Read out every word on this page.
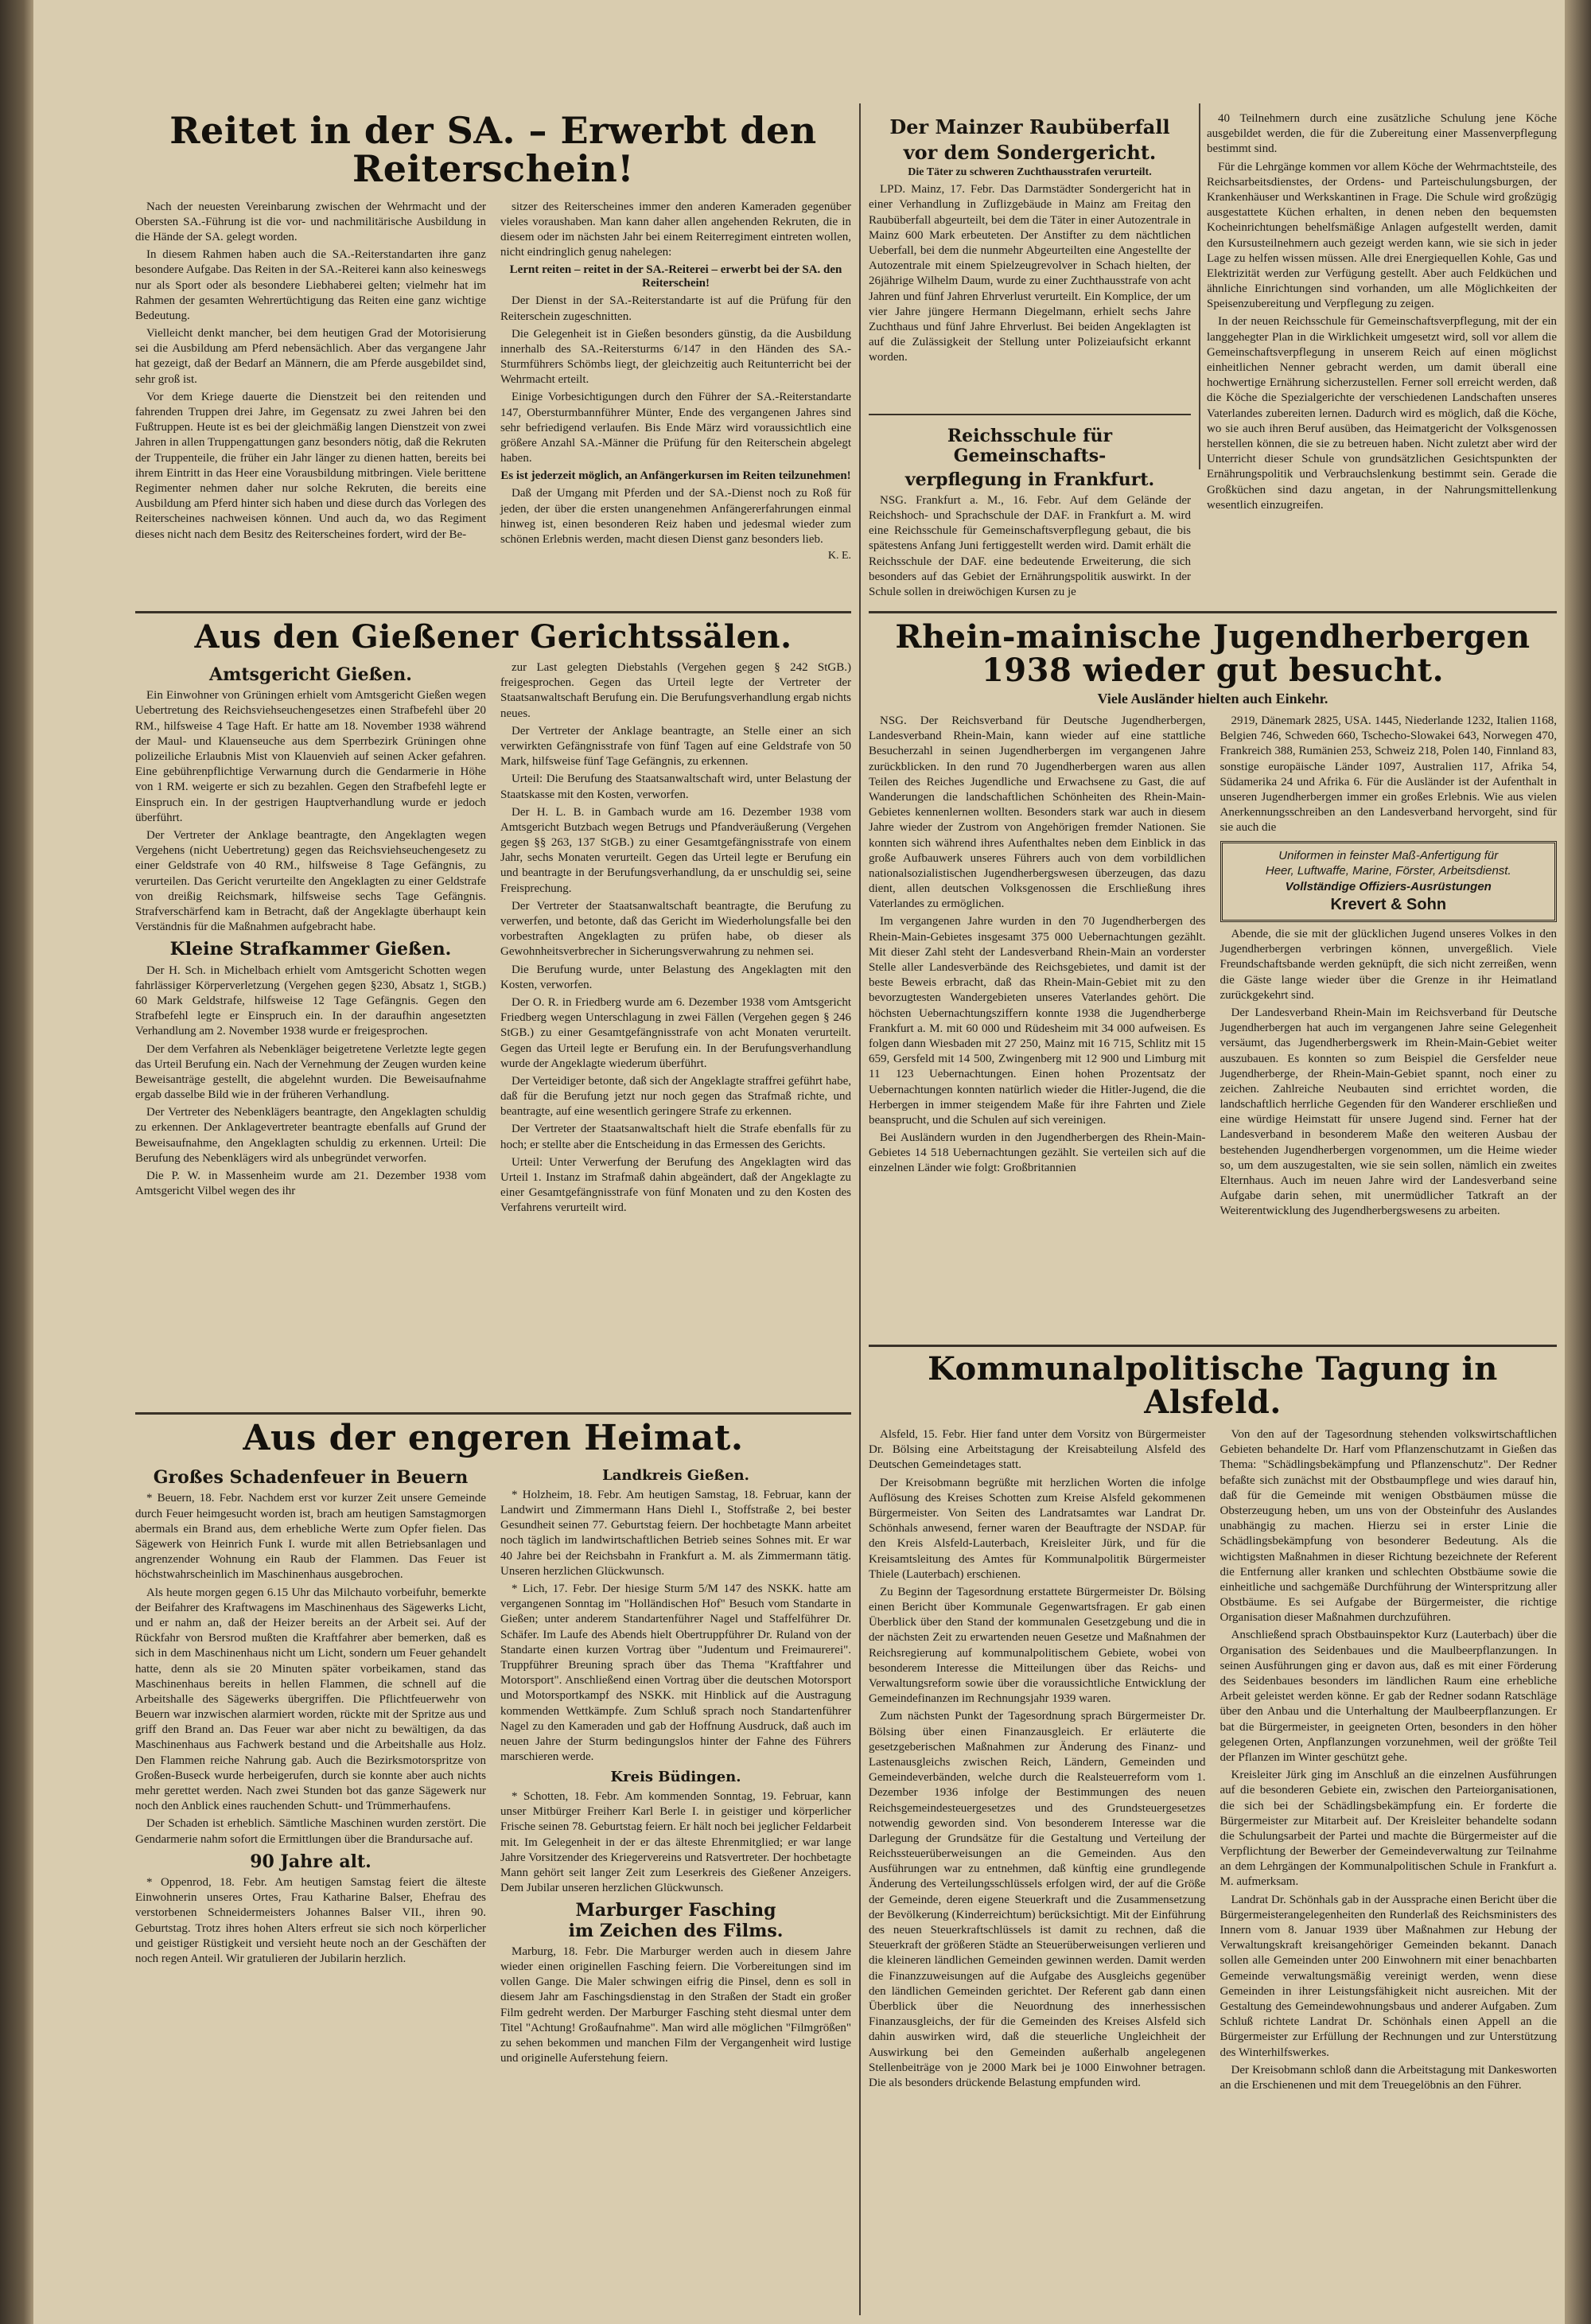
Reitet in der SA. – Erwerbt den Reiterschein!

Nach der neuesten Vereinbarung zwischen der Wehrmacht und der Obersten SA.-Führung ist die vor- und nachmilitärische Ausbildung in die Hände der SA. gelegt worden.

In diesem Rahmen haben auch die SA.-Reiterstandarten ihre ganz besondere Aufgabe. Das Reiten in der SA.-Reiterei kann also keineswegs nur als Sport oder als besondere Liebhaberei gelten; vielmehr hat im Rahmen der gesamten Wehrertüchtigung das Reiten eine ganz wichtige Bedeutung.

Vielleicht denkt mancher, bei dem heutigen Grad der Motorisierung sei die Ausbildung am Pferd nebensächlich. Aber das vergangene Jahr hat gezeigt, daß der Bedarf an Männern, die am Pferde ausgebildet sind, sehr groß ist.

Vor dem Kriege dauerte die Dienstzeit bei den reitenden und fahrenden Truppen drei Jahre, im Gegensatz zu zwei Jahren bei den Fußtruppen. Heute ist es bei der gleichmäßig langen Dienstzeit von zwei Jahren in allen Truppengattungen ganz besonders nötig, daß die Rekruten der Truppenteile, die früher ein Jahr länger zu dienen hatten, bereits bei ihrem Eintritt in das Heer eine Vorausbildung mitbringen. Viele berittene Regimenter nehmen daher nur solche Rekruten, die bereits eine Ausbildung am Pferd hinter sich haben und diese durch das Vorlegen des Reiterscheines nachweisen können. Und auch da, wo das Regiment dieses nicht nach dem Besitz des Reiterscheines fordert, wird der Be-

sitzer des Reiterscheines immer den anderen Kameraden gegenüber vieles voraushaben. Man kann daher allen angehenden Rekruten, die in diesem oder im nächsten Jahr bei einem Reiterregiment eintreten wollen, nicht eindringlich genug nahelegen:

Lernt reiten – reitet in der SA.-Reiterei – erwerbt bei der SA. den Reiterschein!

Der Dienst in der SA.-Reiterstandarte ist auf die Prüfung für den Reiterschein zugeschnitten.

Die Gelegenheit ist in Gießen besonders günstig, da die Ausbildung innerhalb des SA.-Reitersturms 6/147 in den Händen des SA.-Sturmführers Schömbs liegt, der gleichzeitig auch Reitunterricht bei der Wehrmacht erteilt.

Einige Vorbesichtigungen durch den Führer der SA.-Reiterstandarte 147, Obersturmbannführer Münter, Ende des vergangenen Jahres sind sehr befriedigend verlaufen. Bis Ende März wird voraussichtlich eine größere Anzahl SA.-Männer die Prüfung für den Reiterschein abgelegt haben.

Es ist jederzeit möglich, an Anfängerkursen im Reiten teilzunehmen!

Daß der Umgang mit Pferden und der SA.-Dienst noch zu Roß für jeden, der über die ersten unangenehmen Anfängererfahrungen einmal hinweg ist, einen besonderen Reiz haben und jedesmal wieder zum schönen Erlebnis werden, macht diesen Dienst ganz besonders lieb.

K. E.

Der Mainzer Raubüberfall
vor dem Sondergericht.

Die Täter zu schweren Zuchthausstrafen verurteilt.

LPD. Mainz, 17. Febr. Das Darmstädter Sondergericht hat in einer Verhandlung in Zuflizgebäude in Mainz am Freitag den Raubüberfall abgeurteilt, bei dem die Täter in einer Autozentrale in Mainz 600 Mark erbeuteten. Der Anstifter zu dem nächtlichen Ueberfall, bei dem die nunmehr Abgeurteilten eine Angestellte der Autozentrale mit einem Spielzeugrevolver in Schach hielten, der 26jährige Wilhelm Daum, wurde zu einer Zuchthausstrafe von acht Jahren und fünf Jahren Ehrverlust verurteilt. Ein Komplice, der um vier Jahre jüngere Hermann Diegelmann, erhielt sechs Jahre Zuchthaus und fünf Jahre Ehrverlust. Bei beiden Angeklagten ist auf die Zulässigkeit der Stellung unter Polizeiaufsicht erkannt worden.

Reichsschule für Gemeinschafts-
verpflegung in Frankfurt.

NSG. Frankfurt a. M., 16. Febr. Auf dem Gelände der Reichshoch- und Sprachschule der DAF. in Frankfurt a. M. wird eine Reichsschule für Gemeinschaftsverpflegung gebaut, die bis spätestens Anfang Juni fertiggestellt werden wird. Damit erhält die Reichsschule der DAF. eine bedeutende Erweiterung, die sich besonders auf das Gebiet der Ernährungspolitik auswirkt. In der Schule sollen in dreiwöchigen Kursen zu je

40 Teilnehmern durch eine zusätzliche Schulung jene Köche ausgebildet werden, die für die Zubereitung einer Massenverpflegung bestimmt sind.

Für die Lehrgänge kommen vor allem Köche der Wehrmachtsteile, des Reichsarbeitsdienstes, der Ordens- und Parteischulungsburgen, der Krankenhäuser und Werkskantinen in Frage. Die Schule wird großzügig ausgestattete Küchen erhalten, in denen neben den bequemsten Kocheinrichtungen behelfsmäßige Anlagen aufgestellt werden, damit den Kursusteilnehmern auch gezeigt werden kann, wie sie sich in jeder Lage zu helfen wissen müssen. Alle drei Energiequellen Kohle, Gas und Elektrizität werden zur Verfügung gestellt. Aber auch Feldküchen und ähnliche Einrichtungen sind vorhanden, um alle Möglichkeiten der Speisenzubereitung und Verpflegung zu zeigen.

In der neuen Reichsschule für Gemeinschaftsverpflegung, mit der ein langgehegter Plan in die Wirklichkeit umgesetzt wird, soll vor allem die Gemeinschaftsverpflegung in unserem Reich auf einen möglichst einheitlichen Nenner gebracht werden, um damit überall eine hochwertige Ernährung sicherzustellen. Ferner soll erreicht werden, daß die Köche die Spezialgerichte der verschiedenen Landschaften unseres Vaterlandes zubereiten lernen. Dadurch wird es möglich, daß die Köche, wo sie auch ihren Beruf ausüben, das Heimatgericht der Volksgenossen herstellen können, die sie zu betreuen haben. Nicht zuletzt aber wird der Unterricht dieser Schule von grundsätzlichen Gesichtspunkten der Ernährungspolitik und Verbrauchslenkung bestimmt sein. Gerade die Großküchen sind dazu angetan, in der Nahrungsmittellenkung wesentlich einzugreifen.

Aus den Gießener Gerichtssälen.
Amtsgericht Gießen.

Ein Einwohner von Grüningen erhielt vom Amtsgericht Gießen wegen Uebertretung des Reichsviehseuchengesetzes einen Strafbefehl über 20 RM., hilfsweise 4 Tage Haft. Er hatte am 18. November 1938 während der Maul- und Klauenseuche aus dem Sperrbezirk Grüningen ohne polizeiliche Erlaubnis Mist von Klauenvieh auf seinen Acker gefahren. Eine gebührenpflichtige Verwarnung durch die Gendarmerie in Höhe von 1 RM. weigerte er sich zu bezahlen. Gegen den Strafbefehl legte er Einspruch ein. In der gestrigen Hauptverhandlung wurde er jedoch überführt.

Der Vertreter der Anklage beantragte, den Angeklagten wegen Vergehens (nicht Uebertretung) gegen das Reichsviehseuchengesetz zu einer Geldstrafe von 40 RM., hilfsweise 8 Tage Gefängnis, zu verurteilen. Das Gericht verurteilte den Angeklagten zu einer Geldstrafe von dreißig Reichsmark, hilfsweise sechs Tage Gefängnis. Strafverschärfend kam in Betracht, daß der Angeklagte überhaupt kein Verständnis für die Maßnahmen aufgebracht habe.

Kleine Strafkammer Gießen.

Der H. Sch. in Michelbach erhielt vom Amtsgericht Schotten wegen fahrlässiger Körperverletzung (Vergehen gegen §230, Absatz 1, StGB.) 60 Mark Geldstrafe, hilfsweise 12 Tage Gefängnis. Gegen den Strafbefehl legte er Einspruch ein. In der daraufhin angesetzten Verhandlung am 2. November 1938 wurde er freigesprochen.

Der dem Verfahren als Nebenkläger beigetretene Verletzte legte gegen das Urteil Berufung ein. Nach der Vernehmung der Zeugen wurden keine Beweisanträge gestellt, die abgelehnt wurden. Die Beweisaufnahme ergab dasselbe Bild wie in der früheren Verhandlung.

Der Vertreter des Nebenklägers beantragte, den Angeklagten schuldig zu erkennen. Der Anklagevertreter beantragte ebenfalls auf Grund der Beweisaufnahme, den Angeklagten schuldig zu erkennen. Urteil: Die Berufung des Nebenklägers wird als unbegründet verworfen.

Die P. W. in Massenheim wurde am 21. Dezember 1938 vom Amtsgericht Vilbel wegen des ihr

zur Last gelegten Diebstahls (Vergehen gegen § 242 StGB.) freigesprochen. Gegen das Urteil legte der Vertreter der Staatsanwaltschaft Berufung ein. Die Berufungsverhandlung ergab nichts neues.

Der Vertreter der Anklage beantragte, an Stelle einer an sich verwirkten Gefängnisstrafe von fünf Tagen auf eine Geldstrafe von 50 Mark, hilfsweise fünf Tage Gefängnis, zu erkennen.

Urteil: Die Berufung des Staatsanwaltschaft wird, unter Belastung der Staatskasse mit den Kosten, verworfen.

Der H. L. B. in Gambach wurde am 16. Dezember 1938 vom Amtsgericht Butzbach wegen Betrugs und Pfandveräußerung (Vergehen gegen §§ 263, 137 StGB.) zu einer Gesamtgefängnisstrafe von einem Jahr, sechs Monaten verurteilt. Gegen das Urteil legte er Berufung ein und beantragte in der Berufungsverhandlung, da er unschuldig sei, seine Freisprechung.

Der Vertreter der Staatsanwaltschaft beantragte, die Berufung zu verwerfen, und betonte, daß das Gericht im Wiederholungsfalle bei den vorbestraften Angeklagten zu prüfen habe, ob dieser als Gewohnheitsverbrecher in Sicherungsverwahrung zu nehmen sei.

Die Berufung wurde, unter Belastung des Angeklagten mit den Kosten, verworfen.

Der O. R. in Friedberg wurde am 6. Dezember 1938 vom Amtsgericht Friedberg wegen Unterschlagung in zwei Fällen (Vergehen gegen § 246 StGB.) zu einer Gesamtgefängnisstrafe von acht Monaten verurteilt. Gegen das Urteil legte er Berufung ein. In der Berufungsverhandlung wurde der Angeklagte wiederum überführt.

Der Verteidiger betonte, daß sich der Angeklagte straffrei geführt habe, daß für die Berufung jetzt nur noch gegen das Strafmaß richte, und beantragte, auf eine wesentlich geringere Strafe zu erkennen.

Der Vertreter der Staatsanwaltschaft hielt die Strafe ebenfalls für zu hoch; er stellte aber die Entscheidung in das Ermessen des Gerichts.

Urteil: Unter Verwerfung der Berufung des Angeklagten wird das Urteil 1. Instanz im Strafmaß dahin abgeändert, daß der Angeklagte zu einer Gesamtgefängnisstrafe von fünf Monaten und zu den Kosten des Verfahrens verurteilt wird.

Rhein-mainische Jugendherbergen
1938 wieder gut besucht.

Viele Ausländer hielten auch Einkehr.

NSG. Der Reichsverband für Deutsche Jugendherbergen, Landesverband Rhein-Main, kann wieder auf eine stattliche Besucherzahl in seinen Jugendherbergen im vergangenen Jahre zurückblicken. In den rund 70 Jugendherbergen waren aus allen Teilen des Reiches Jugendliche und Erwachsene zu Gast, die auf Wanderungen die landschaftlichen Schönheiten des Rhein-Main-Gebietes kennenlernen wollten. Besonders stark war auch in diesem Jahre wieder der Zustrom von Angehörigen fremder Nationen. Sie konnten sich während ihres Aufenthaltes neben dem Einblick in das große Aufbauwerk unseres Führers auch von dem vorbildlichen nationalsozialistischen Jugendherbergswesen überzeugen, das dazu dient, allen deutschen Volksgenossen die Erschließung ihres Vaterlandes zu ermöglichen.

Im vergangenen Jahre wurden in den 70 Jugendherbergen des Rhein-Main-Gebietes insgesamt 375 000 Uebernachtungen gezählt. Mit dieser Zahl steht der Landesverband Rhein-Main an vorderster Stelle aller Landesverbände des Reichsgebietes, und damit ist der beste Beweis erbracht, daß das Rhein-Main-Gebiet mit zu den bevorzugtesten Wandergebieten unseres Vaterlandes gehört. Die höchsten Uebernachtungsziffern konnte 1938 die Jugendherberge Frankfurt a. M. mit 60 000 und Rüdesheim mit 34 000 aufweisen. Es folgen dann Wiesbaden mit 27 250, Mainz mit 16 715, Schlitz mit 15 659, Gersfeld mit 14 500, Zwingenberg mit 12 900 und Limburg mit 11 123 Uebernachtungen. Einen hohen Prozentsatz der Uebernachtungen konnten natürlich wieder die Hitler-Jugend, die die Herbergen in immer steigendem Maße für ihre Fahrten und Ziele beansprucht, und die Schulen auf sich vereinigen.

Bei Ausländern wurden in den Jugendherbergen des Rhein-Main-Gebietes 14 518 Uebernachtungen gezählt. Sie verteilen sich auf die einzelnen Länder wie folgt: Großbritannien

2919, Dänemark 2825, USA. 1445, Niederlande 1232, Italien 1168, Belgien 746, Schweden 660, Tschecho-Slowakei 643, Norwegen 470, Frankreich 388, Rumänien 253, Schweiz 218, Polen 140, Finnland 83, sonstige europäische Länder 1097, Australien 117, Afrika 54, Südamerika 24 und Afrika 6. Für die Ausländer ist der Aufenthalt in unseren Jugendherbergen immer ein großes Erlebnis. Wie aus vielen Anerkennungsschreiben an den Landesverband hervorgeht, sind für sie auch die

Uniformen in feinster Maß-Anfertigung für
Heer, Luftwaffe, Marine, Förster, Arbeitsdienst.
Vollständige Offiziers-Ausrüstungen
Krevert & Sohn

Abende, die sie mit der glücklichen Jugend unseres Volkes in den Jugendherbergen verbringen können, unvergeßlich. Viele Freundschaftsbande werden geknüpft, die sich nicht zerreißen, wenn die Gäste lange wieder über die Grenze in ihr Heimatland zurückgekehrt sind.

Der Landesverband Rhein-Main im Reichsverband für Deutsche Jugendherbergen hat auch im vergangenen Jahre seine Gelegenheit versäumt, das Jugendherbergswerk im Rhein-Main-Gebiet weiter auszubauen. Es konnten so zum Beispiel die Gersfelder neue Jugendherberge, der Rhein-Main-Gebiet spannt, noch einer zu zeichen. Zahlreiche Neubauten sind errichtet worden, die landschaftlich herrliche Gegenden für den Wanderer erschließen und eine würdige Heimstatt für unsere Jugend sind. Ferner hat der Landesverband in besonderem Maße den weiteren Ausbau der bestehenden Jugendherbergen vorgenommen, um die Heime wieder so, um dem auszugestalten, wie sie sein sollen, nämlich ein zweites Elternhaus. Auch im neuen Jahre wird der Landesverband seine Aufgabe darin sehen, mit unermüdlicher Tatkraft an der Weiterentwicklung des Jugendherbergswesens zu arbeiten.

Aus der engeren Heimat.
Großes Schadenfeuer in Beuern

* Beuern, 18. Febr. Nachdem erst vor kurzer Zeit unsere Gemeinde durch Feuer heimgesucht worden ist, brach am heutigen Samstagmorgen abermals ein Brand aus, dem erhebliche Werte zum Opfer fielen. Das Sägewerk von Heinrich Funk I. wurde mit allen Betriebsanlagen und angrenzender Wohnung ein Raub der Flammen. Das Feuer ist höchstwahrscheinlich im Maschinenhaus ausgebrochen.

Als heute morgen gegen 6.15 Uhr das Milchauto vorbeifuhr, bemerkte der Beifahrer des Kraftwagens im Maschinenhaus des Sägewerks Licht, und er nahm an, daß der Heizer bereits an der Arbeit sei. Auf der Rückfahr von Bersrod mußten die Kraftfahrer aber bemerken, daß es sich in dem Maschinenhaus nicht um Licht, sondern um Feuer gehandelt hatte, denn als sie 20 Minuten später vorbeikamen, stand das Maschinenhaus bereits in hellen Flammen, die schnell auf die Arbeitshalle des Sägewerks übergriffen. Die Pflichtfeuerwehr von Beuern war inzwischen alarmiert worden, rückte mit der Spritze aus und griff den Brand an. Das Feuer war aber nicht zu bewältigen, da das Maschinenhaus aus Fachwerk bestand und die Arbeitshalle aus Holz. Den Flammen reiche Nahrung gab. Auch die Bezirksmotorspritze von Großen-Buseck wurde herbeigerufen, durch sie konnte aber auch nichts mehr gerettet werden. Nach zwei Stunden bot das ganze Sägewerk nur noch den Anblick eines rauchenden Schutt- und Trümmerhaufens.

Der Schaden ist erheblich. Sämtliche Maschinen wurden zerstört. Die Gendarmerie nahm sofort die Ermittlungen über die Brandursache auf.

90 Jahre alt.

* Oppenrod, 18. Febr. Am heutigen Samstag feiert die älteste Einwohnerin unseres Ortes, Frau Katharine Balser, Ehefrau des verstorbenen Schneidermeisters Johannes Balser VII., ihren 90. Geburtstag. Trotz ihres hohen Alters erfreut sie sich noch körperlicher und geistiger Rüstigkeit und versieht heute noch an der Geschäften der noch regen Anteil. Wir gratulieren der Jubilarin herzlich.

Landkreis Gießen.

* Holzheim, 18. Febr. Am heutigen Samstag, 18. Februar, kann der Landwirt und Zimmermann Hans Diehl I., Stoffstraße 2, bei bester Gesundheit seinen 77. Geburtstag feiern. Der hochbetagte Mann arbeitet noch täglich im landwirtschaftlichen Betrieb seines Sohnes mit. Er war 40 Jahre bei der Reichsbahn in Frankfurt a. M. als Zimmermann tätig. Unseren herzlichen Glückwunsch.

* Lich, 17. Febr. Der hiesige Sturm 5/M 147 des NSKK. hatte am vergangenen Sonntag im "Holländischen Hof" Besuch vom Standarte in Gießen; unter anderem Standartenführer Nagel und Staffelführer Dr. Schäfer. Im Laufe des Abends hielt Obertruppführer Dr. Ruland von der Standarte einen kurzen Vortrag über "Judentum und Freimaurerei". Truppführer Breuning sprach über das Thema "Kraftfahrer und Motorsport". Anschließend einen Vortrag über die deutschen Motorsport und Motorsportkampf des NSKK. mit Hinblick auf die Austragung kommenden Wettkämpfe. Zum Schluß sprach noch Standartenführer Nagel zu den Kameraden und gab der Hoffnung Ausdruck, daß auch im neuen Jahre der Sturm bedingungslos hinter der Fahne des Führers marschieren werde.

Kreis Büdingen.

* Schotten, 18. Febr. Am kommenden Sonntag, 19. Februar, kann unser Mitbürger Freiherr Karl Berle I. in geistiger und körperlicher Frische seinen 78. Geburtstag feiern. Er hält noch bei jeglicher Feldarbeit mit. Im Gelegenheit in der er das älteste Ehrenmitglied; er war lange Jahre Vorsitzender des Kriegervereins und Ratsvertreter. Der hochbetagte Mann gehört seit langer Zeit zum Leserkreis des Gießener Anzeigers. Dem Jubilar unseren herzlichen Glückwunsch.

Marburger Fasching
im Zeichen des Films.

Marburg, 18. Febr. Die Marburger werden auch in diesem Jahre wieder einen originellen Fasching feiern. Die Vorbereitungen sind im vollen Gange. Die Maler schwingen eifrig die Pinsel, denn es soll in diesem Jahr am Faschingsdienstag in den Straßen der Stadt ein großer Film gedreht werden. Der Marburger Fasching steht diesmal unter dem Titel "Achtung! Großaufnahme". Man wird alle möglichen "Filmgrößen" zu sehen bekommen und manchen Film der Vergangenheit wird lustige und originelle Auferstehung feiern.

Kommunalpolitische Tagung in Alsfeld.

Alsfeld, 15. Febr. Hier fand unter dem Vorsitz von Bürgermeister Dr. Bölsing eine Arbeitstagung der Kreisabteilung Alsfeld des Deutschen Gemeindetages statt.

Der Kreisobmann begrüßte mit herzlichen Worten die infolge Auflösung des Kreises Schotten zum Kreise Alsfeld gekommenen Bürgermeister. Von Seiten des Landratsamtes war Landrat Dr. Schönhals anwesend, ferner waren der Beauftragte der NSDAP. für den Kreis Alsfeld-Lauterbach, Kreisleiter Jürk, und für die Kreisamtsleitung des Amtes für Kommunalpolitik Bürgermeister Thiele (Lauterbach) erschienen.

Zu Beginn der Tagesordnung erstattete Bürgermeister Dr. Bölsing einen Bericht über Kommunale Gegenwartsfragen. Er gab einen Überblick über den Stand der kommunalen Gesetzgebung und die in der nächsten Zeit zu erwartenden neuen Gesetze und Maßnahmen der Reichsregierung auf kommunalpolitischem Gebiete, wobei von besonderem Interesse die Mitteilungen über das Reichs- und Verwaltungsreform sowie über die voraussichtliche Entwicklung der Gemeindefinanzen im Rechnungsjahr 1939 waren.

Zum nächsten Punkt der Tagesordnung sprach Bürgermeister Dr. Bölsing über einen Finanzausgleich. Er erläuterte die gesetzgeberischen Maßnahmen zur Änderung des Finanz- und Lastenausgleichs zwischen Reich, Ländern, Gemeinden und Gemeindeverbänden, welche durch die Realsteuerreform vom 1. Dezember 1936 infolge der Bestimmungen des neuen Reichsgemeindesteuergesetzes und des Grundsteuergesetzes notwendig geworden sind. Von besonderem Interesse war die Darlegung der Grundsätze für die Gestaltung und Verteilung der Reichssteuerüberweisungen an die Gemeinden. Aus den Ausführungen war zu entnehmen, daß künftig eine grundlegende Änderung des Verteilungsschlüssels erfolgen wird, der auf die Größe der Gemeinde, deren eigene Steuerkraft und die Zusammensetzung der Bevölkerung (Kinderreichtum) berücksichtigt. Mit der Einführung des neuen Steuerkraftschlüssels ist damit zu rechnen, daß die Steuerkraft der größeren Städte an Steuerüberweisungen verlieren und die kleineren ländlichen Gemeinden gewinnen werden. Damit werden die Finanzzuweisungen auf die Aufgabe des Ausgleichs gegenüber den ländlichen Gemeinden gerichtet. Der Referent gab dann einen Überblick über die Neuordnung des innerhessischen Finanzausgleichs, der für die Gemeinden des Kreises Alsfeld sich dahin auswirken wird, daß die steuerliche Ungleichheit der Auswirkung bei den Gemeinden außerhalb angelegenen Stellenbeiträge von je 2000 Mark bei je 1000 Einwohner betragen. Die als besonders drückende Belastung empfunden wird.

Von den auf der Tagesordnung stehenden volkswirtschaftlichen Gebieten behandelte Dr. Harf vom Pflanzenschutzamt in Gießen das Thema: "Schädlingsbekämpfung und Pflanzenschutz". Der Redner befaßte sich zunächst mit der Obstbaumpflege und wies darauf hin, daß für die Gemeinde mit wenigen Obstbäumen müsse die Obsterzeugung heben, um uns von der Obsteinfuhr des Auslandes unabhängig zu machen. Hierzu sei in erster Linie die Schädlingsbekämpfung von besonderer Bedeutung. Als die wichtigsten Maßnahmen in dieser Richtung bezeichnete der Referent die Entfernung aller kranken und schlechten Obstbäume sowie die einheitliche und sachgemäße Durchführung der Winterspritzung aller Obstbäume. Es sei Aufgabe der Bürgermeister, die richtige Organisation dieser Maßnahmen durchzuführen.

Anschließend sprach Obstbauinspektor Kurz (Lauterbach) über die Organisation des Seidenbaues und die Maulbeerpflanzungen. In seinen Ausführungen ging er davon aus, daß es mit einer Förderung des Seidenbaues besonders im ländlichen Raum eine erhebliche Arbeit geleistet werden könne. Er gab der Redner sodann Ratschläge über den Anbau und die Unterhaltung der Maulbeerpflanzungen. Er bat die Bürgermeister, in geeigneten Orten, besonders in den höher gelegenen Orten, Anpflanzungen vorzunehmen, weil der größte Teil der Pflanzen im Winter geschützt gehe.

Kreisleiter Jürk ging im Anschluß an die einzelnen Ausführungen auf die besonderen Gebiete ein, zwischen den Parteiorganisationen, die sich bei der Schädlingsbekämpfung ein. Er forderte die Bürgermeister zur Mitarbeit auf. Der Kreisleiter behandelte sodann die Schulungsarbeit der Partei und machte die Bürgermeister auf die Verpflichtung der Bewerber der Gemeindeverwaltung zur Teilnahme an dem Lehrgängen der Kommunalpolitischen Schule in Frankfurt a. M. aufmerksam.

Landrat Dr. Schönhals gab in der Aussprache einen Bericht über die Bürgermeisterangelegenheiten den Runderlaß des Reichsministers des Innern vom 8. Januar 1939 über Maßnahmen zur Hebung der Verwaltungskraft kreisangehöriger Gemeinden bekannt. Danach sollen alle Gemeinden unter 200 Einwohnern mit einer benachbarten Gemeinde verwaltungsmäßig vereinigt werden, wenn diese Gemeinden in ihrer Leistungsfähigkeit nicht ausreichen. Mit der Gestaltung des Gemeindewohnungsbaus und anderer Aufgaben. Zum Schluß richtete Landrat Dr. Schönhals einen Appell an die Bürgermeister zur Erfüllung der Rechnungen und zur Unterstützung des Winterhilfswerkes.

Der Kreisobmann schloß dann die Arbeitstagung mit Dankesworten an die Erschienenen und mit dem Treuegelöbnis an den Führer.
